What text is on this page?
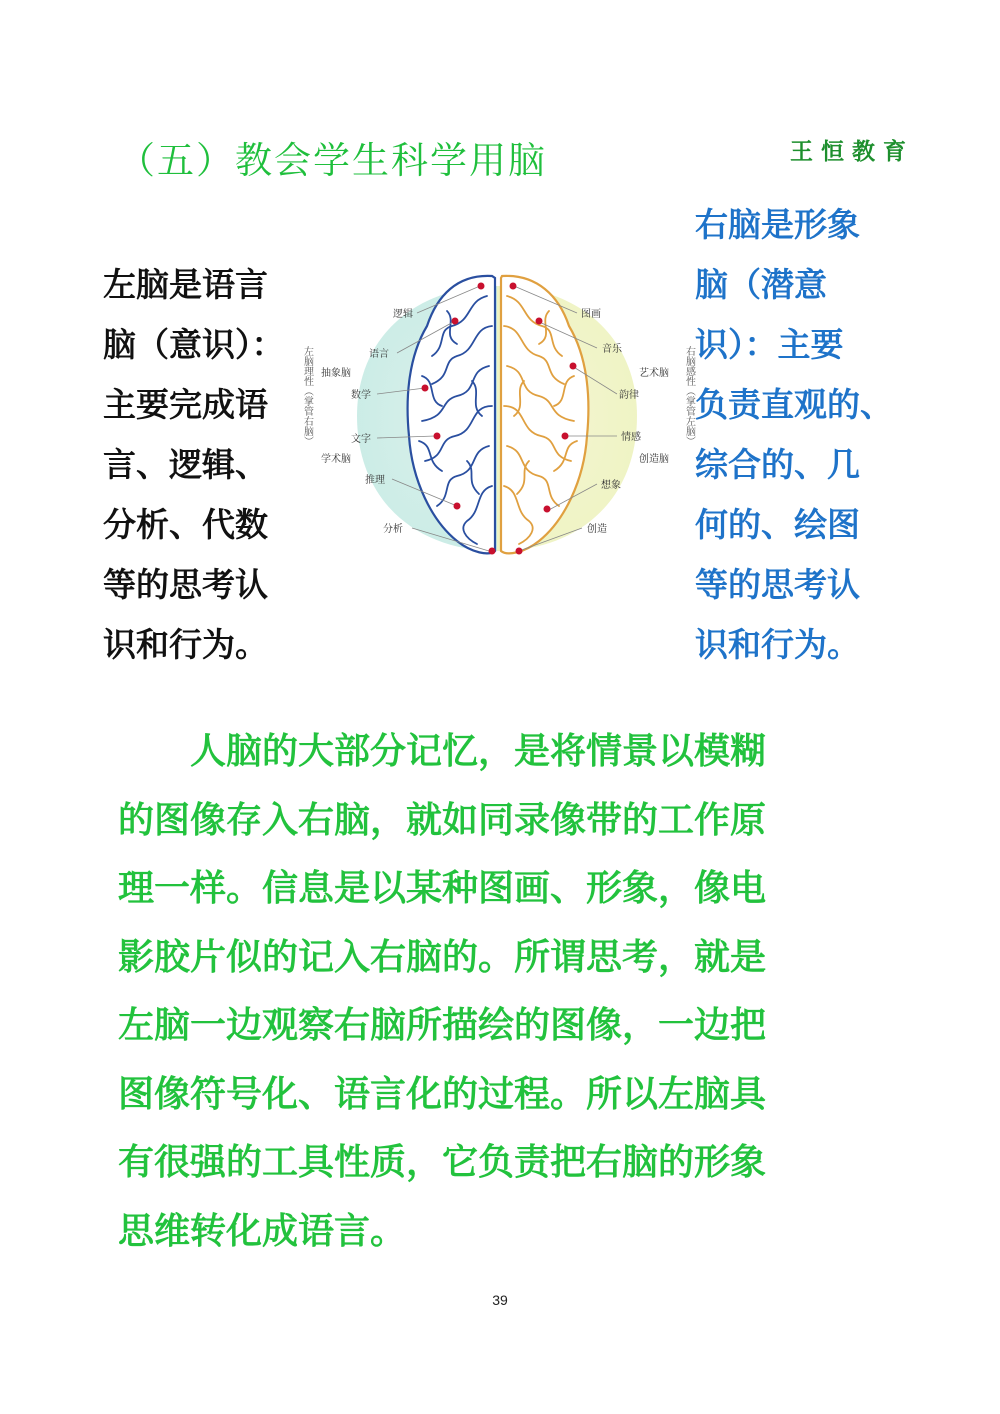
（五）教会学生科学用脑	王恒教育
左脑是语言
脑（意识）：
主要完成语
言、逻辑、
分析、代数
等的思考认
识和行为。
逻辑
语言
抽象脑
数学
文字
学术脑
推理
分析
图画
音乐
艺术脑
韵律
情感
创造脑
想象
创造
左脑理性（掌管右脑）	右脑感性（掌管左脑）
右脑是形象
脑（潜意
识）：主要
负责直观的、
综合的、几
何的、绘图
等的思考认
识和行为。
　　人脑的大部分记忆，是将情景以模糊
的图像存入右脑，就如同录像带的工作原
理一样。信息是以某种图画、形象，像电
影胶片似的记入右脑的。所谓思考，就是
左脑一边观察右脑所描绘的图像，一边把
图像符号化、语言化的过程。所以左脑具
有很强的工具性质，它负责把右脑的形象
思维转化成语言。
39
